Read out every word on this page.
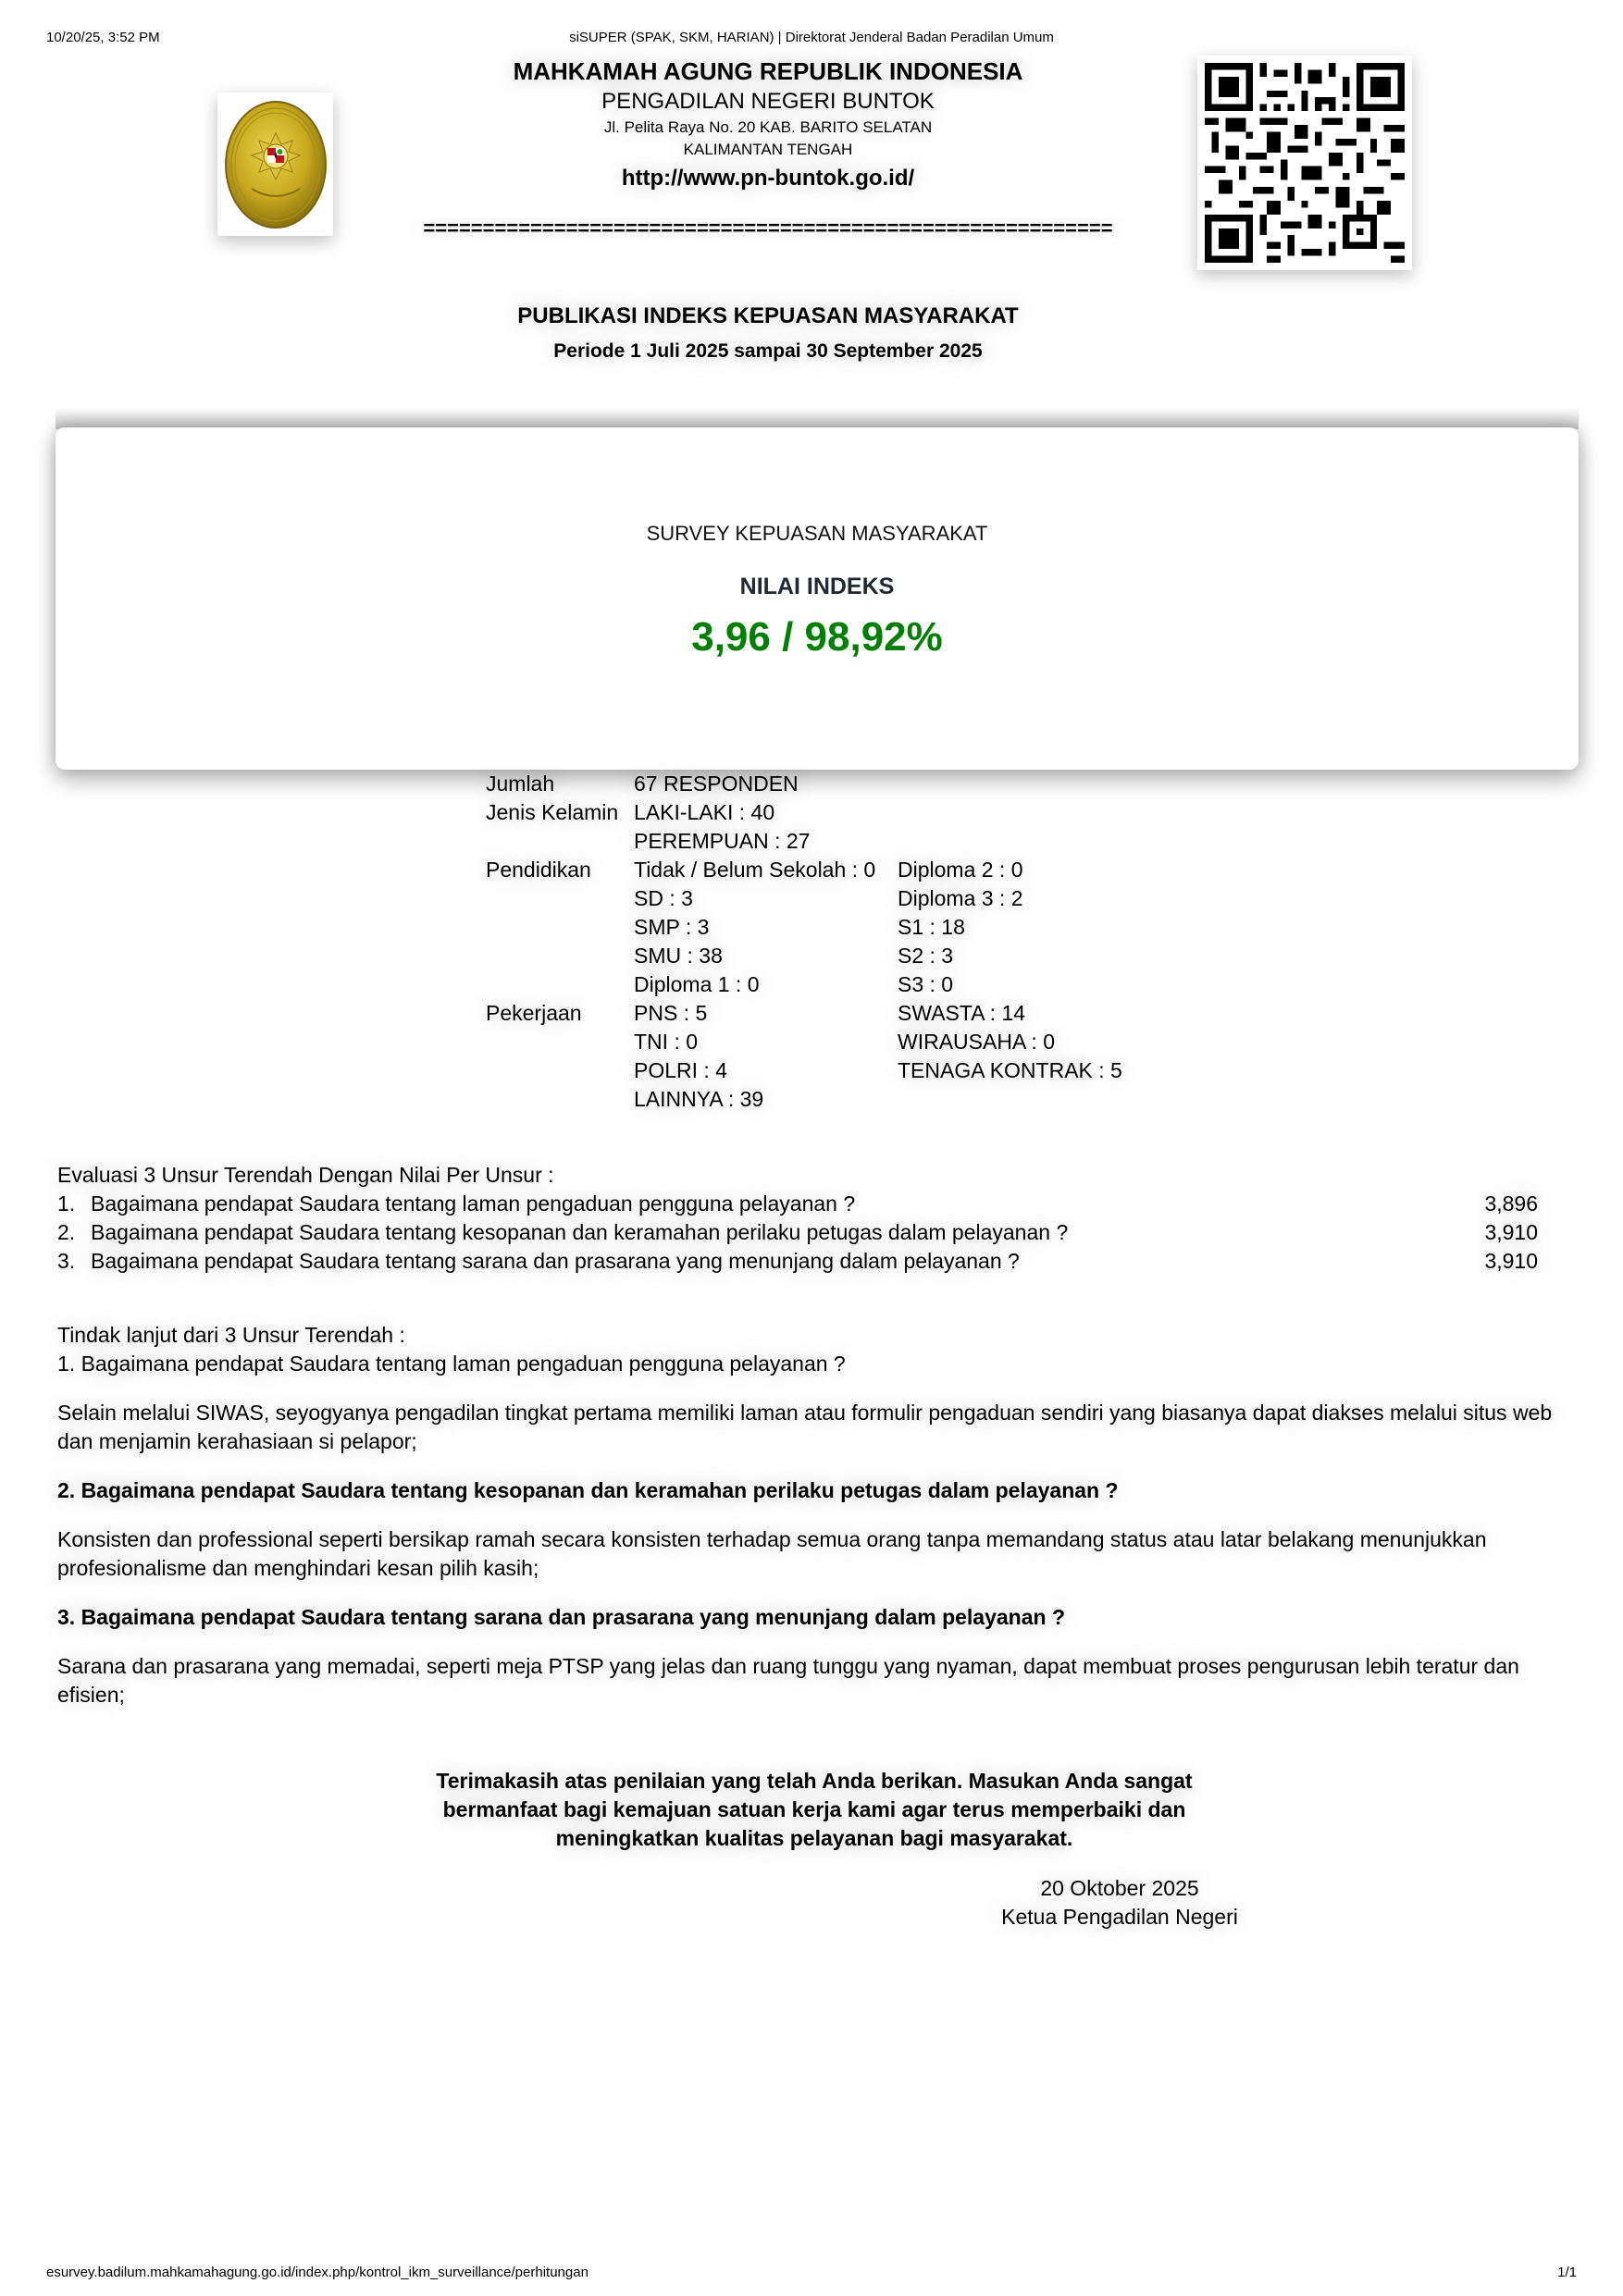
10/20/25, 3:52 PM	siSUPER (SPAK, SKM, HARIAN) | Direktorat Jenderal Badan Peradilan Umum
MAHKAMAH AGUNG REPUBLIK INDONESIA
PENGADILAN NEGERI BUNTOK
Jl. Pelita Raya No. 20 KAB. BARITO SELATAN
KALIMANTAN TENGAH
http://www.pn-buntok.go.id/
==========================================================
PUBLIKASI INDEKS KEPUASAN MASYARAKAT
Periode 1 Juli 2025 sampai 30 September 2025
SURVEY KEPUASAN MASYARAKAT
NILAI INDEKS
3,96 / 98,92%
Jumlah	67 RESPONDEN
Jenis Kelamin LAKI-LAKI : 40
PEREMPUAN : 27
Pendidikan	Tidak / Belum Sekolah : 0	Diploma 2 : 0
SD : 3	Diploma 3 : 2
SMP : 3	S1 : 18
SMU : 38	S2 : 3
Diploma 1 : 0	S3 : 0
Pekerjaan	PNS : 5	SWASTA : 14
TNI : 0	WIRAUSAHA : 0
POLRI : 4	TENAGA KONTRAK : 5
LAINNYA : 39
Evaluasi 3 Unsur Terendah Dengan Nilai Per Unsur :
1. Bagaimana pendapat Saudara tentang laman pengaduan pengguna pelayanan ?	3,896
2. Bagaimana pendapat Saudara tentang kesopanan dan keramahan perilaku petugas dalam pelayanan ?	3,910
3. Bagaimana pendapat Saudara tentang sarana dan prasarana yang menunjang dalam pelayanan ?	3,910
Tindak lanjut dari 3 Unsur Terendah :
1. Bagaimana pendapat Saudara tentang laman pengaduan pengguna pelayanan ?
Selain melalui SIWAS, seyogyanya pengadilan tingkat pertama memiliki laman atau formulir pengaduan sendiri yang biasanya dapat diakses melalui situs web dan menjamin kerahasiaan si pelapor;
2. Bagaimana pendapat Saudara tentang kesopanan dan keramahan perilaku petugas dalam pelayanan ?
Konsisten dan professional seperti bersikap ramah secara konsisten terhadap semua orang tanpa memandang status atau latar belakang menunjukkan profesionalisme dan menghindari kesan pilih kasih;
3. Bagaimana pendapat Saudara tentang sarana dan prasarana yang menunjang dalam pelayanan ?
Sarana dan prasarana yang memadai, seperti meja PTSP yang jelas dan ruang tunggu yang nyaman, dapat membuat proses pengurusan lebih teratur dan efisien;
Terimakasih atas penilaian yang telah Anda berikan. Masukan Anda sangat bermanfaat bagi kemajuan satuan kerja kami agar terus memperbaiki dan meningkatkan kualitas pelayanan bagi masyarakat.
20 Oktober 2025
Ketua Pengadilan Negeri
esurvey.badilum.mahkamahagung.go.id/index.php/kontrol_ikm_surveillance/perhitungan	1/1
